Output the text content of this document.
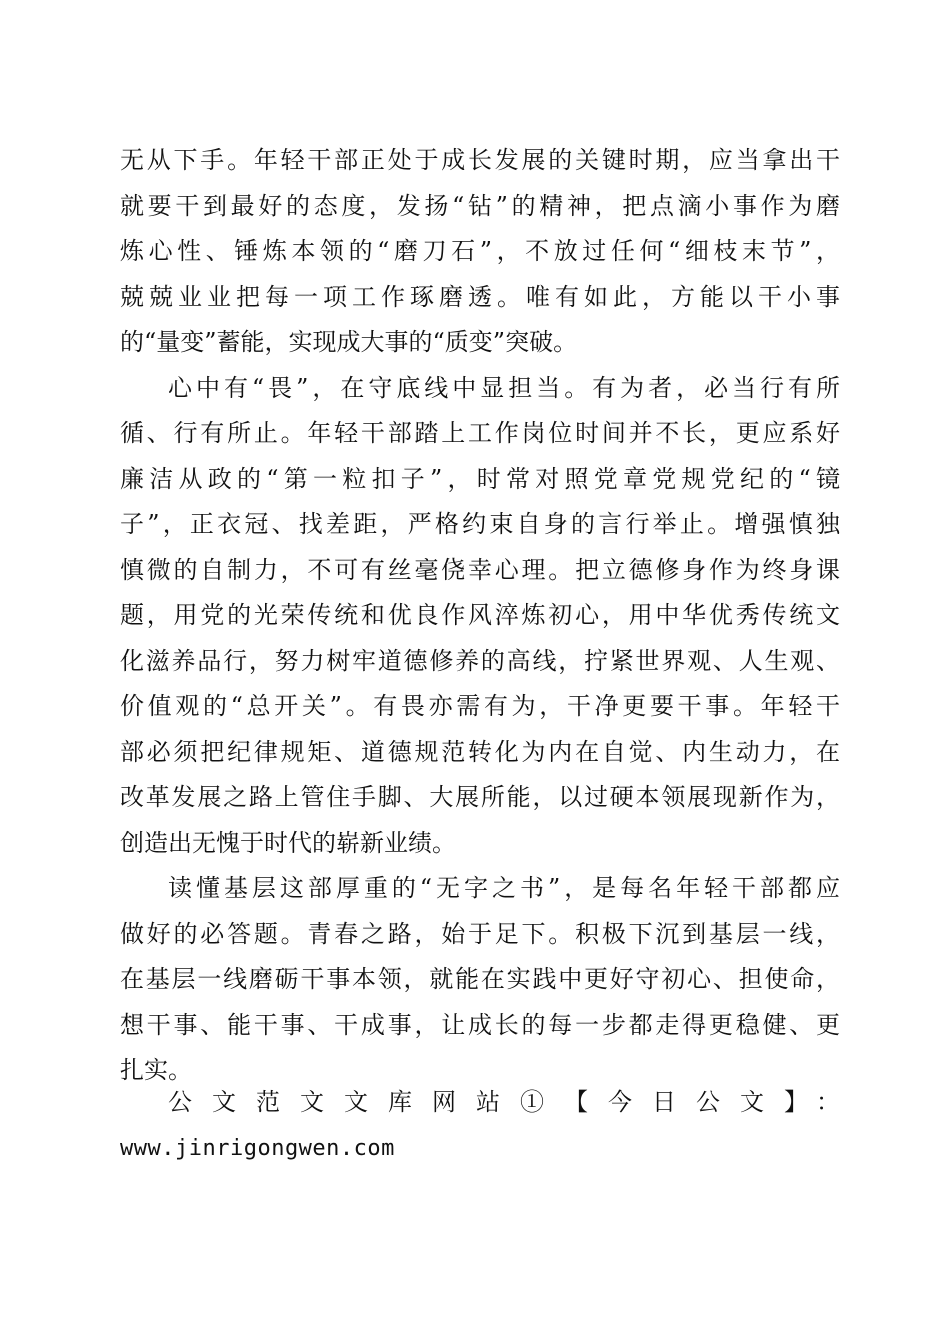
无从下手。年轻干部正处于成长发展的关键时期，应当拿出干
就要干到最好的态度，发扬“钻”的精神，把点滴小事作为磨
炼心性、锤炼本领的“磨刀石”，不放过任何“细枝末节”，
兢兢业业把每一项工作琢磨透。唯有如此，方能以干小事
的“量变”蓄能，实现成大事的“质变”突破。
心中有“畏”，在守底线中显担当。有为者，必当行有所
循、行有所止。年轻干部踏上工作岗位时间并不长，更应系好
廉洁从政的“第一粒扣子”，时常对照党章党规党纪的“镜
子”，正衣冠、找差距，严格约束自身的言行举止。增强慎独
慎微的自制力，不可有丝毫侥幸心理。把立德修身作为终身课
题，用党的光荣传统和优良作风淬炼初心，用中华优秀传统文
化滋养品行，努力树牢道德修养的高线，拧紧世界观、人生观、
价值观的“总开关”。有畏亦需有为，干净更要干事。年轻干
部必须把纪律规矩、道德规范转化为内在自觉、内生动力，在
改革发展之路上管住手脚、大展所能，以过硬本领展现新作为，
创造出无愧于时代的崭新业绩。
读懂基层这部厚重的“无字之书”，是每名年轻干部都应
做好的必答题。青春之路，始于足下。积极下沉到基层一线，
在基层一线磨砺干事本领，就能在实践中更好守初心、担使命，
想干事、能干事、干成事，让成长的每一步都走得更稳健、更
扎实。
公文范文文库网站①【今日公文】：
www.jinrigongwen.com
